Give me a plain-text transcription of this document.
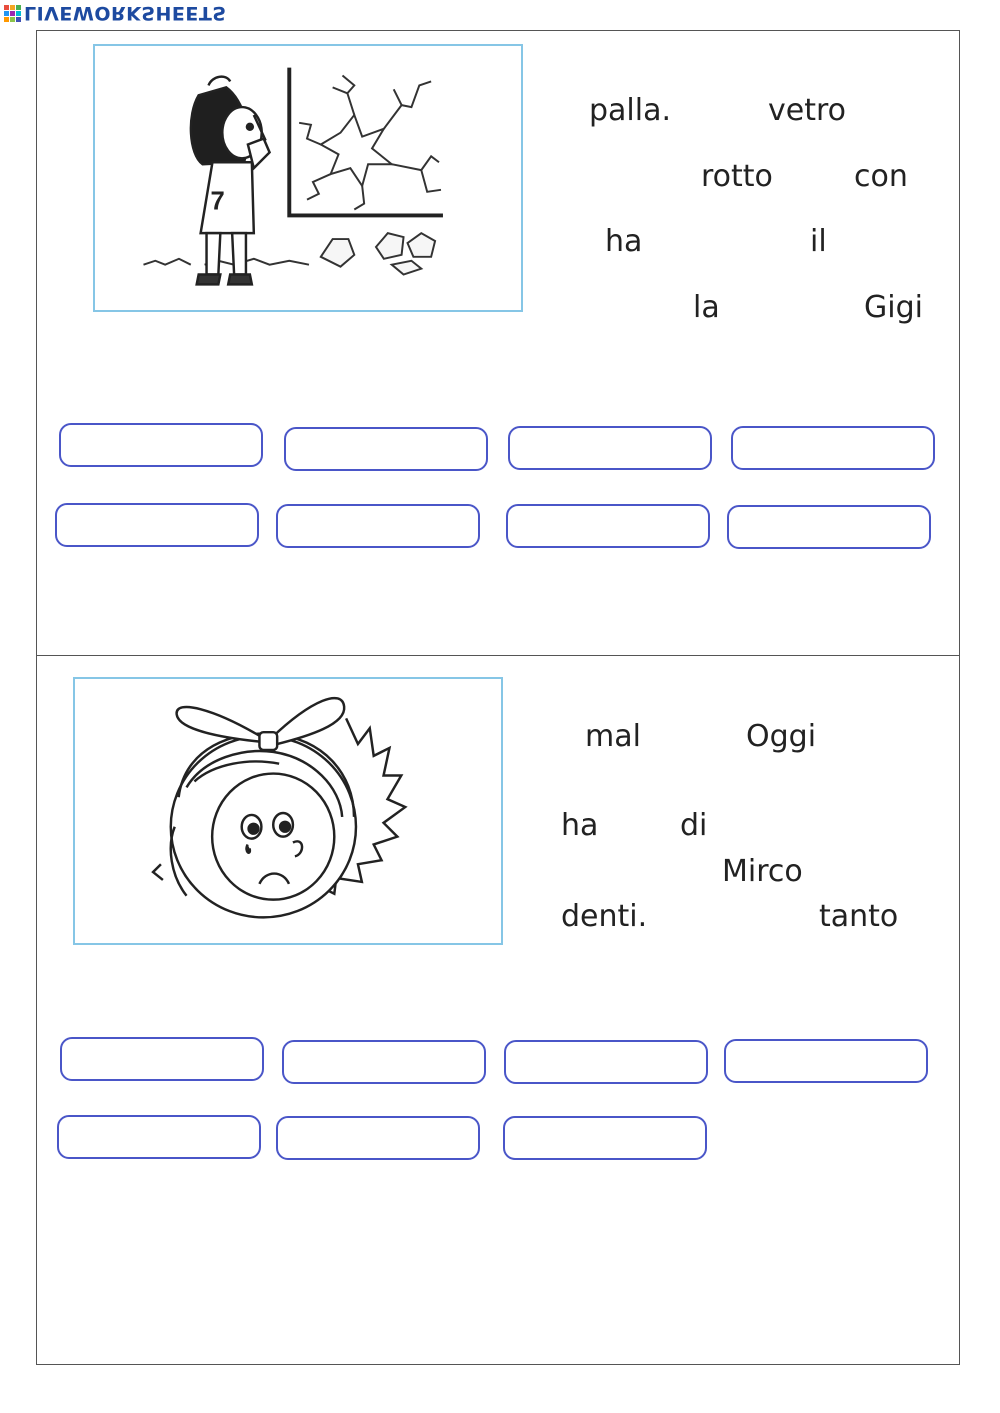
LIVEWORKSHEETS
7
palla.	vetro
rotto	con
ha	il
la	Gigi
mal	Oggi
ha	di
Mirco
denti.	tanto
